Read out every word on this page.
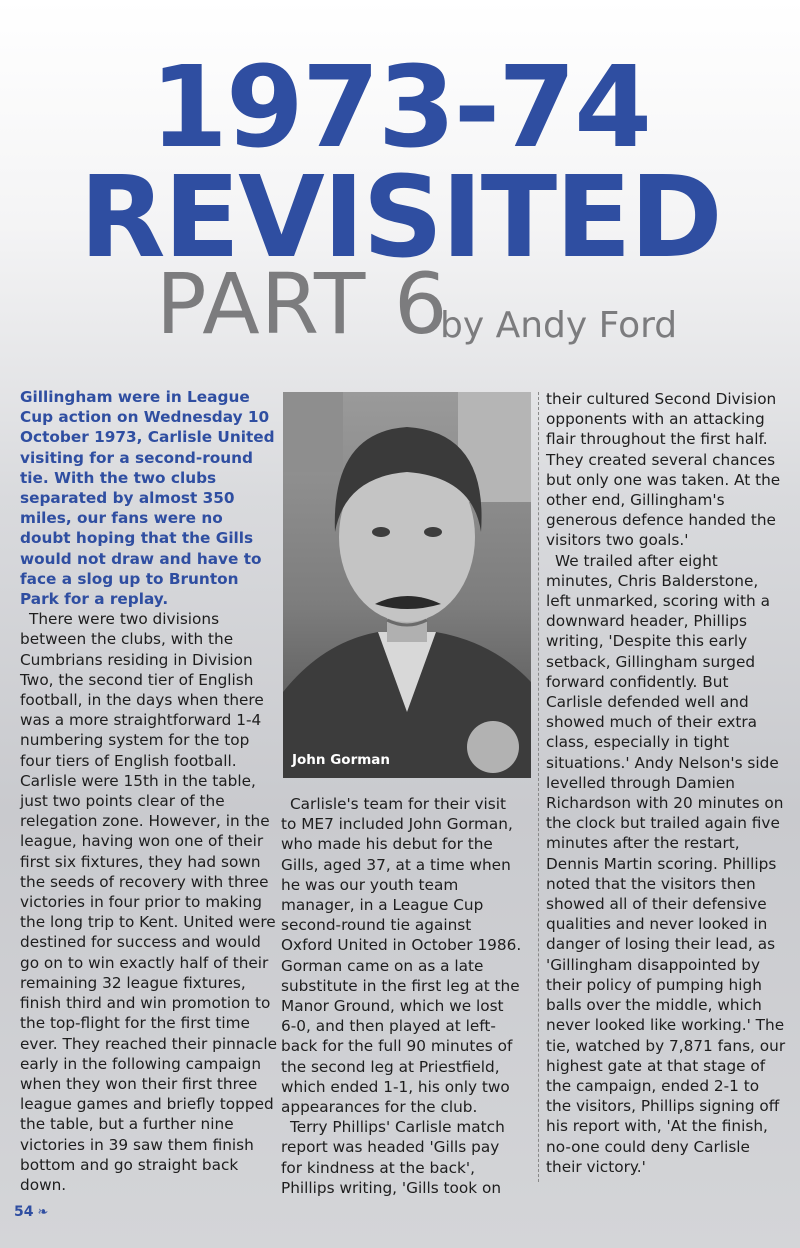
1973-74
REVISITED
PART 6
by Andy Ford

Gillingham were in League Cup action on Wednesday 10 October 1973, Carlisle United visiting for a second-round tie. With the two clubs separated by almost 350 miles, our fans were no doubt hoping that the Gills would not draw and have to face a slog up to Brunton Park for a replay.

There were two divisions between the clubs, with the Cumbrians residing in Division Two, the second tier of English football, in the days when there was a more straightforward 1-4 numbering system for the top four tiers of English football. Carlisle were 15th in the table, just two points clear of the relegation zone. However, in the league, having won one of their first six fixtures, they had sown the seeds of recovery with three victories in four prior to making the long trip to Kent. United were destined for success and would go on to win exactly half of their remaining 32 league fixtures, finish third and win promotion to the top-flight for the first time ever. They reached their pinnacle early in the following campaign when they won their first three league games and briefly topped the table, but a further nine victories in 39 saw them finish bottom and go straight back down.

John Gorman

Carlisle's team for their visit to ME7 included John Gorman, who made his debut for the Gills, aged 37, at a time when he was our youth team manager, in a League Cup second-round tie against Oxford United in October 1986. Gorman came on as a late substitute in the first leg at the Manor Ground, which we lost 6-0, and then played at left-back for the full 90 minutes of the second leg at Priestfield, which ended 1-1, his only two appearances for the club.

Terry Phillips' Carlisle match report was headed 'Gills pay for kindness at the back', Phillips writing, 'Gills took on

their cultured Second Division opponents with an attacking flair throughout the first half. They created several chances but only one was taken. At the other end, Gillingham's generous defence handed the visitors two goals.'

We trailed after eight minutes, Chris Balderstone, left unmarked, scoring with a downward header, Phillips writing, 'Despite this early setback, Gillingham surged forward confidently. But Carlisle defended well and showed much of their extra class, especially in tight situations.' Andy Nelson's side levelled through Damien Richardson with 20 minutes on the clock but trailed again five minutes after the restart, Dennis Martin scoring. Phillips noted that the visitors then showed all of their defensive qualities and never looked in danger of losing their lead, as 'Gillingham disappointed by their policy of pumping high balls over the middle, which never looked like working.' The tie, watched by 7,871 fans, our highest gate at that stage of the campaign, ended 2-1 to the visitors, Phillips signing off his report with, 'At the finish, no-one could deny Carlisle their victory.'

54 ❧
